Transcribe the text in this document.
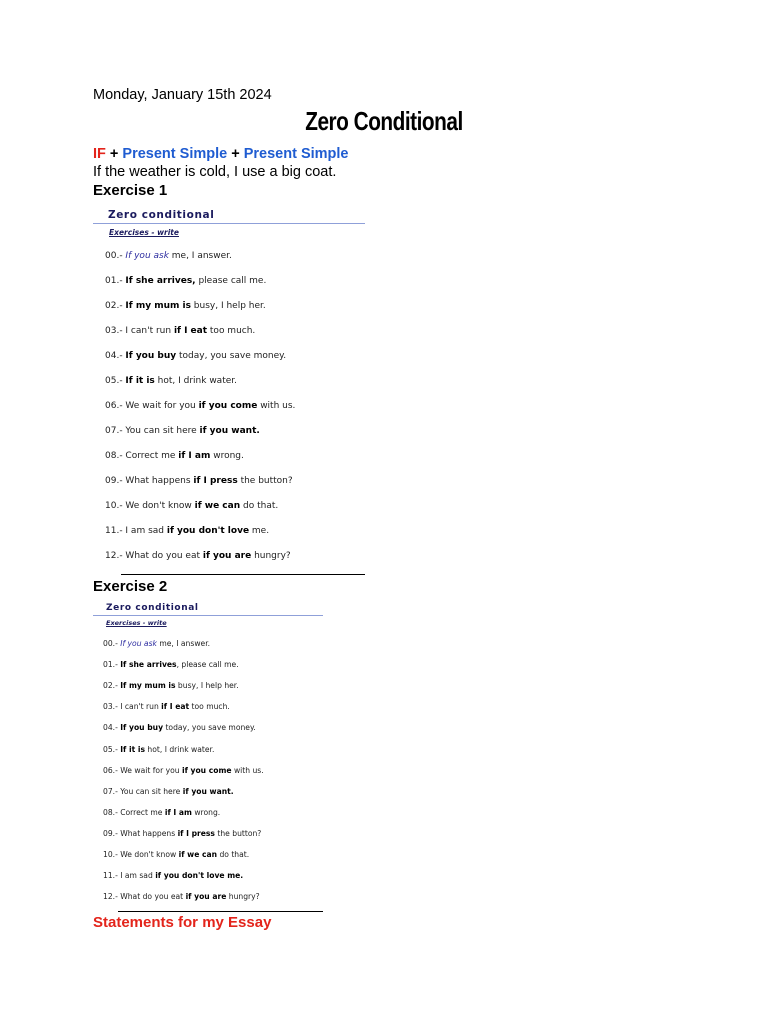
Monday, January 15th 2024
Zero Conditional
IF + Present Simple + Present Simple
If the weather is cold, I use a big coat.
Exercise 1
Zero conditional
Exercises - write
00.- If you ask me, I answer.
01.- If she arrives, please call me.
02.- If my mum is busy, I help her.
03.- I can't run if I eat too much.
04.- If you buy today, you save money.
05.- If it is hot, I drink water.
06.- We wait for you if you come with us.
07.- You can sit here if you want.
08.- Correct me if I am wrong.
09.- What happens if I press the button?
10.- We don't know if we can do that.
11.- I am sad if you don't love me.
12.- What do you eat if you are hungry?
Exercise 2
Zero conditional
Exercises - write
00.- If you ask me, I answer.
01.- If she arrives, please call me.
02.- If my mum is busy, I help her.
03.- I can't run if I eat too much.
04.- If you buy today, you save money.
05.- If it is hot, I drink water.
06.- We wait for you if you come with us.
07.- You can sit here if you want.
08.- Correct me if I am wrong.
09.- What happens if I press the button?
10.- We don't know if we can do that.
11.- I am sad if you don't love me.
12.- What do you eat if you are hungry?
Statements for my Essay
